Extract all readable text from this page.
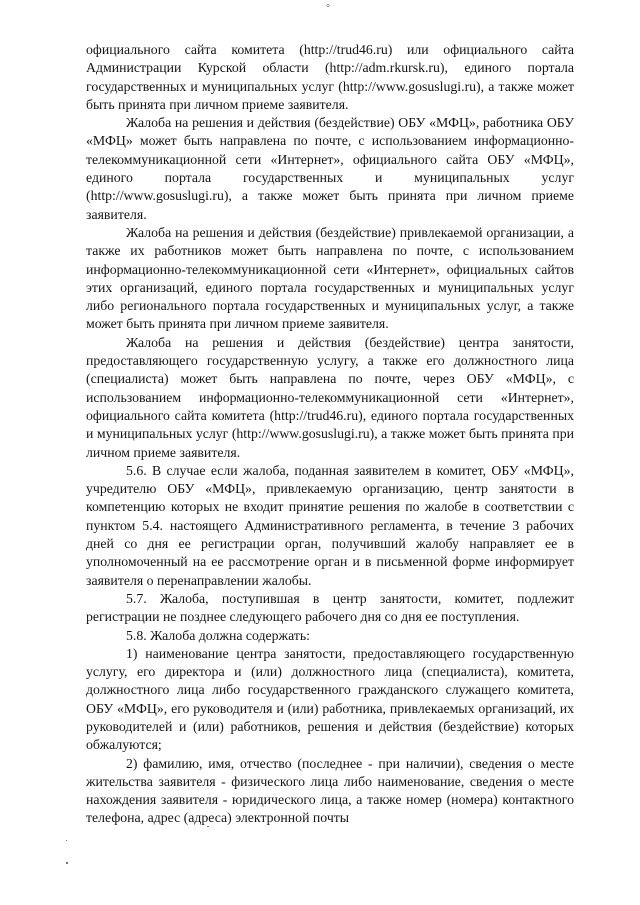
°

официального сайта комитета (http://trud46.ru) или официального сайта Администрации Курской области (http://adm.rkursk.ru), единого портала государственных и муниципальных услуг (http://www.gosuslugi.ru), а также может быть принята при личном приеме заявителя.

Жалоба на решения и действия (бездействие) ОБУ «МФЦ», работника ОБУ «МФЦ» может быть направлена по почте, с использованием информационно-телекоммуникационной сети «Интернет», официального сайта ОБУ «МФЦ», единого портала государственных и муниципальных услуг (http://www.gosuslugi.ru), а также может быть принята при личном приеме заявителя.

Жалоба на решения и действия (бездействие) привлекаемой организации, а также их работников может быть направлена по почте, с использованием информационно-телекоммуникационной сети «Интернет», официальных сайтов этих организаций, единого портала государственных и муниципальных услуг либо регионального портала государственных и муниципальных услуг, а также может быть принята при личном приеме заявителя.

Жалоба на решения и действия (бездействие) центра занятости, предоставляющего государственную услугу, а также его должностного лица (специалиста) может быть направлена по почте, через ОБУ «МФЦ», с использованием информационно-телекоммуникационной сети «Интернет», официального сайта комитета (http://trud46.ru), единого портала государственных и муниципальных услуг (http://www.gosuslugi.ru), а также может быть принята при личном приеме заявителя.

5.6. В случае если жалоба, поданная заявителем в комитет, ОБУ «МФЦ», учредителю ОБУ «МФЦ», привлекаемую организацию, центр занятости в компетенцию которых не входит принятие решения по жалобе в соответствии с пунктом 5.4. настоящего Административного регламента, в течение 3 рабочих дней со дня ее регистрации орган, получивший жалобу направляет ее в уполномоченный на ее рассмотрение орган и в письменной форме информирует заявителя о перенаправлении жалобы.

5.7. Жалоба, поступившая в центр занятости, комитет, подлежит регистрации не позднее следующего рабочего дня со дня ее поступления.

5.8. Жалоба должна содержать:

1) наименование центра занятости, предоставляющего государственную услугу, его директора и (или) должностного лица (специалиста), комитета, должностного лица либо государственного гражданского служащего комитета, ОБУ «МФЦ», его руководителя и (или) работника, привлекаемых организаций, их руководителей и (или) работников, решения и действия (бездействие) которых обжалуются;

2) фамилию, имя, отчество (последнее - при наличии), сведения о месте жительства заявителя - физического лица либо наименование, сведения о месте нахождения заявителя - юридического лица, а также номер (номера) контактного телефона, адрес (адреса) электронной почты
